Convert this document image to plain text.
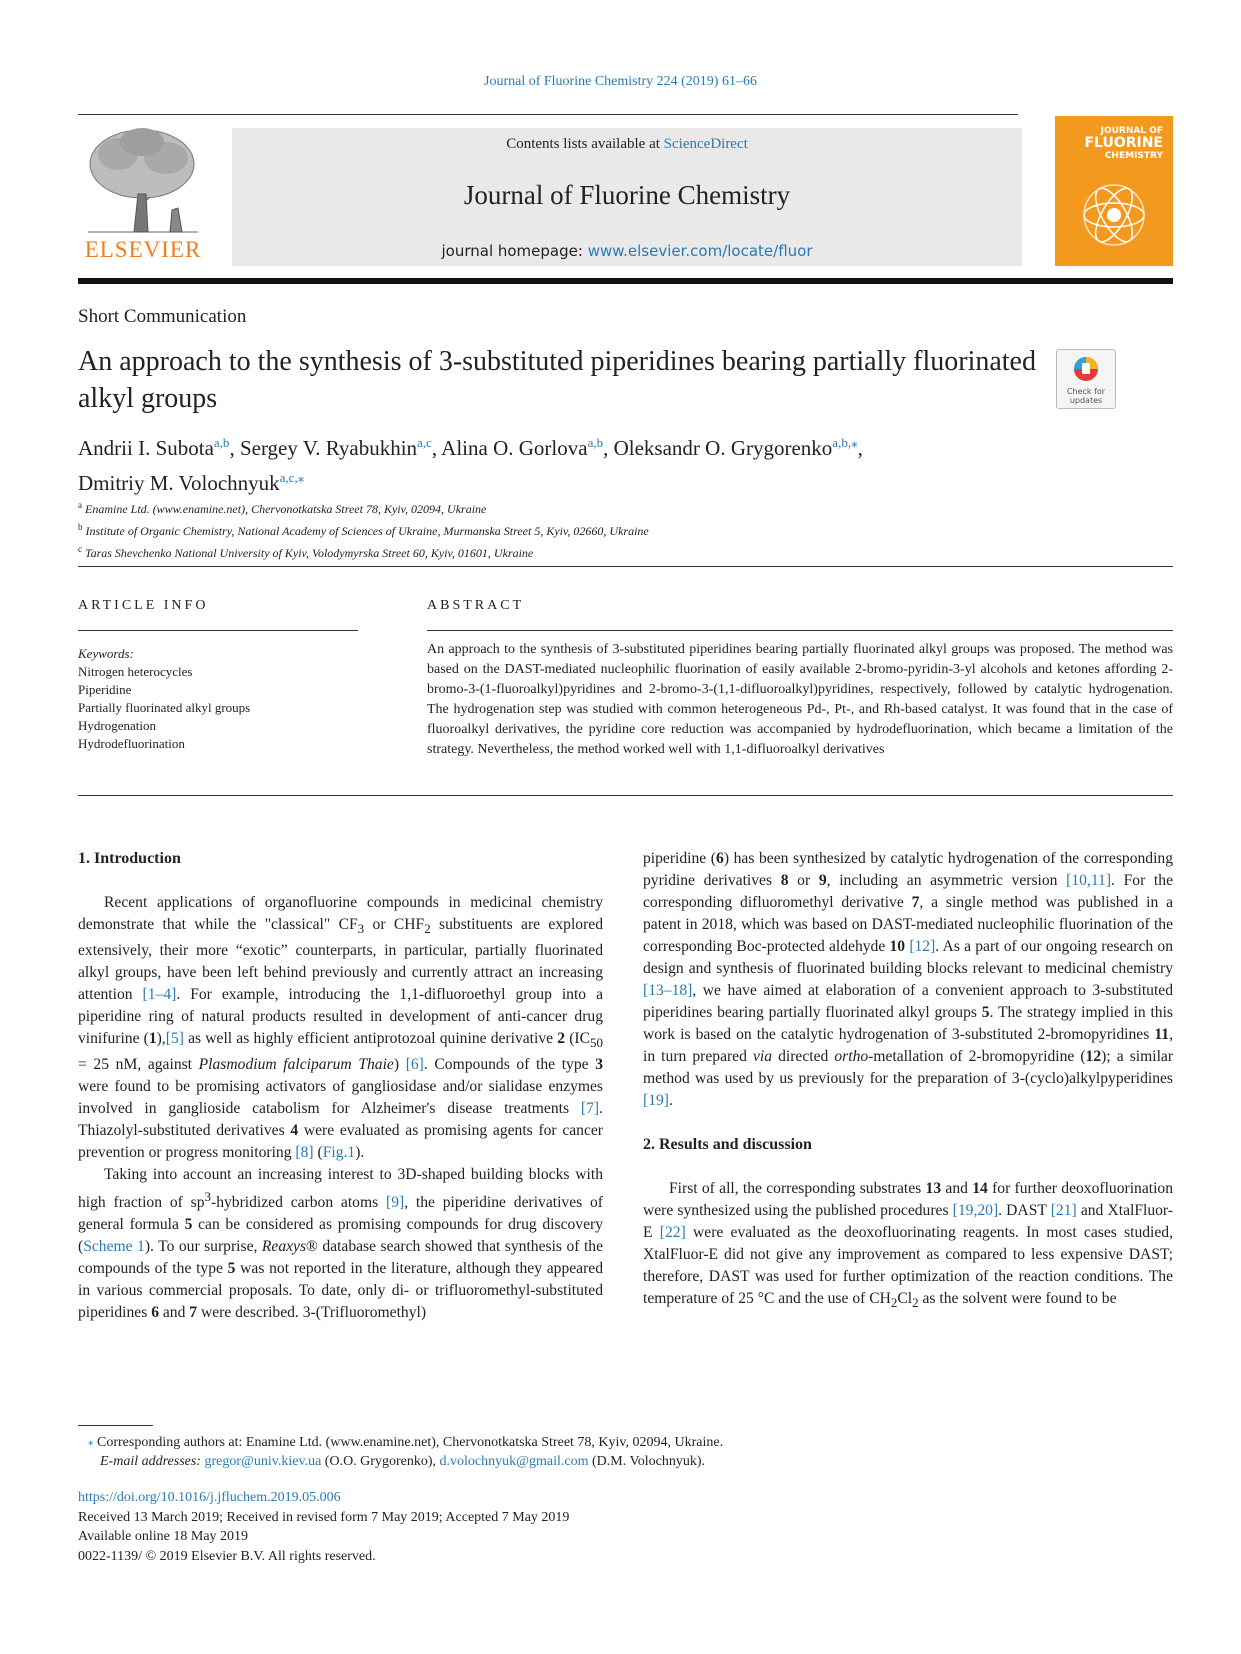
Journal of Fluorine Chemistry 224 (2019) 61–66
ELSEVIER
Contents lists available at ScienceDirect
Journal of Fluorine Chemistry
journal homepage: www.elsevier.com/locate/fluor
JOURNAL OF
FLUORINE
CHEMISTRY
Short Communication
An approach to the synthesis of 3-substituted piperidines bearing partially fluorinated alkyl groups	Check for updates
Andrii I. Subota$^{a,b}$, Sergey V. Ryabukhin$^{a,c}$, Alina O. Gorlova$^{a,b}$, Oleksandr O. Grygorenko$^{a,b,⁎}$,
Dmitriy M. Volochnyuk$^{a,c,⁎}$
$^a$ Enamine Ltd. (www.enamine.net), Chervonotkatska Street 78, Kyiv, 02094, Ukraine
$^b$ Institute of Organic Chemistry, National Academy of Sciences of Ukraine, Murmanska Street 5, Kyiv, 02660, Ukraine
$^c$ Taras Shevchenko National University of Kyiv, Volodymyrska Street 60, Kyiv, 01601, Ukraine
ARTICLE INFO
Keywords:
Nitrogen heterocycles
Piperidine
Partially fluorinated alkyl groups
Hydrogenation
Hydrodefluorination
ABSTRACT
An approach to the synthesis of 3-substituted piperidines bearing partially fluorinated alkyl groups was proposed. The method was based on the DAST-mediated nucleophilic fluorination of easily available 2-bromo-pyridin-3-yl alcohols and ketones affording 2-bromo-3-(1-fluoroalkyl)pyridines and 2-bromo-3-(1,1-difluoroalkyl)pyridines, respectively, followed by catalytic hydrogenation. The hydrogenation step was studied with common heterogeneous Pd-, Pt-, and Rh-based catalyst. It was found that in the case of fluoroalkyl derivatives, the pyridine core reduction was accompanied by hydrodefluorination, which became a limitation of the strategy. Nevertheless, the method worked well with 1,1-difluoroalkyl derivatives
1. Introduction

Recent applications of organofluorine compounds in medicinal chemistry demonstrate that while the "classical" $CF_3$ or $CHF_2$ substituents are explored extensively, their more “exotic” counterparts, in particular, partially fluorinated alkyl groups, have been left behind previously and currently attract an increasing attention [1–4]. For example, introducing the 1,1-difluoroethyl group into a piperidine ring of natural products resulted in development of anti-cancer drug vinifurine (1),[5] as well as highly efficient antiprotozoal quinine derivative 2 ($IC_{50} = 25$ nM, against Plasmodium falciparum Thaie) [6]. Compounds of the type 3 were found to be promising activators of gangliosidase and/or sialidase enzymes involved in ganglioside catabolism for Alzheimer's disease treatments [7]. Thiazolyl-substituted derivatives 4 were evaluated as promising agents for cancer prevention or progress monitoring [8] (Fig.1).

Taking into account an increasing interest to 3D-shaped building blocks with high fraction of $sp^3$-hybridized carbon atoms [9], the piperidine derivatives of general formula 5 can be considered as promising compounds for drug discovery (Scheme 1). To our surprise, Reaxys® database search showed that synthesis of the compounds of the type 5 was not reported in the literature, although they appeared in various commercial proposals. To date, only di- or trifluoromethyl-substituted piperidines 6 and 7 were described. 3-(Trifluoromethyl)

piperidine (6) has been synthesized by catalytic hydrogenation of the corresponding pyridine derivatives 8 or 9, including an asymmetric version [10,11]. For the corresponding difluoromethyl derivative 7, a single method was published in a patent in 2018, which was based on DAST-mediated nucleophilic fluorination of the corresponding Boc-protected aldehyde 10 [12]. As a part of our ongoing research on design and synthesis of fluorinated building blocks relevant to medicinal chemistry [13–18], we have aimed at elaboration of a convenient approach to 3-substituted piperidines bearing partially fluorinated alkyl groups 5. The strategy implied in this work is based on the catalytic hydrogenation of 3-substituted 2-bromopyridines 11, in turn prepared via directed ortho-metallation of 2-bromopyridine (12); a similar method was used by us previously for the preparation of 3-(cyclo)alkylpyperidines [19].

2. Results and discussion

First of all, the corresponding substrates 13 and 14 for further deoxofluorination were synthesized using the published procedures [19,20]. DAST [21] and XtalFluor-E [22] were evaluated as the deoxofluorinating reagents. In most cases studied, XtalFluor-E did not give any improvement as compared to less expensive DAST; therefore, DAST was used for further optimization of the reaction conditions. The temperature of 25 °C and the use of $CH_2Cl_2$ as the solvent were found to be

⁎ Corresponding authors at: Enamine Ltd. (www.enamine.net), Chervonotkatska Street 78, Kyiv, 02094, Ukraine.
E-mail addresses: gregor@univ.kiev.ua (O.O. Grygorenko), d.volochnyuk@gmail.com (D.M. Volochnyuk).
https://doi.org/10.1016/j.jfluchem.2019.05.006
Received 13 March 2019; Received in revised form 7 May 2019; Accepted 7 May 2019
Available online 18 May 2019
0022-1139/ © 2019 Elsevier B.V. All rights reserved.
